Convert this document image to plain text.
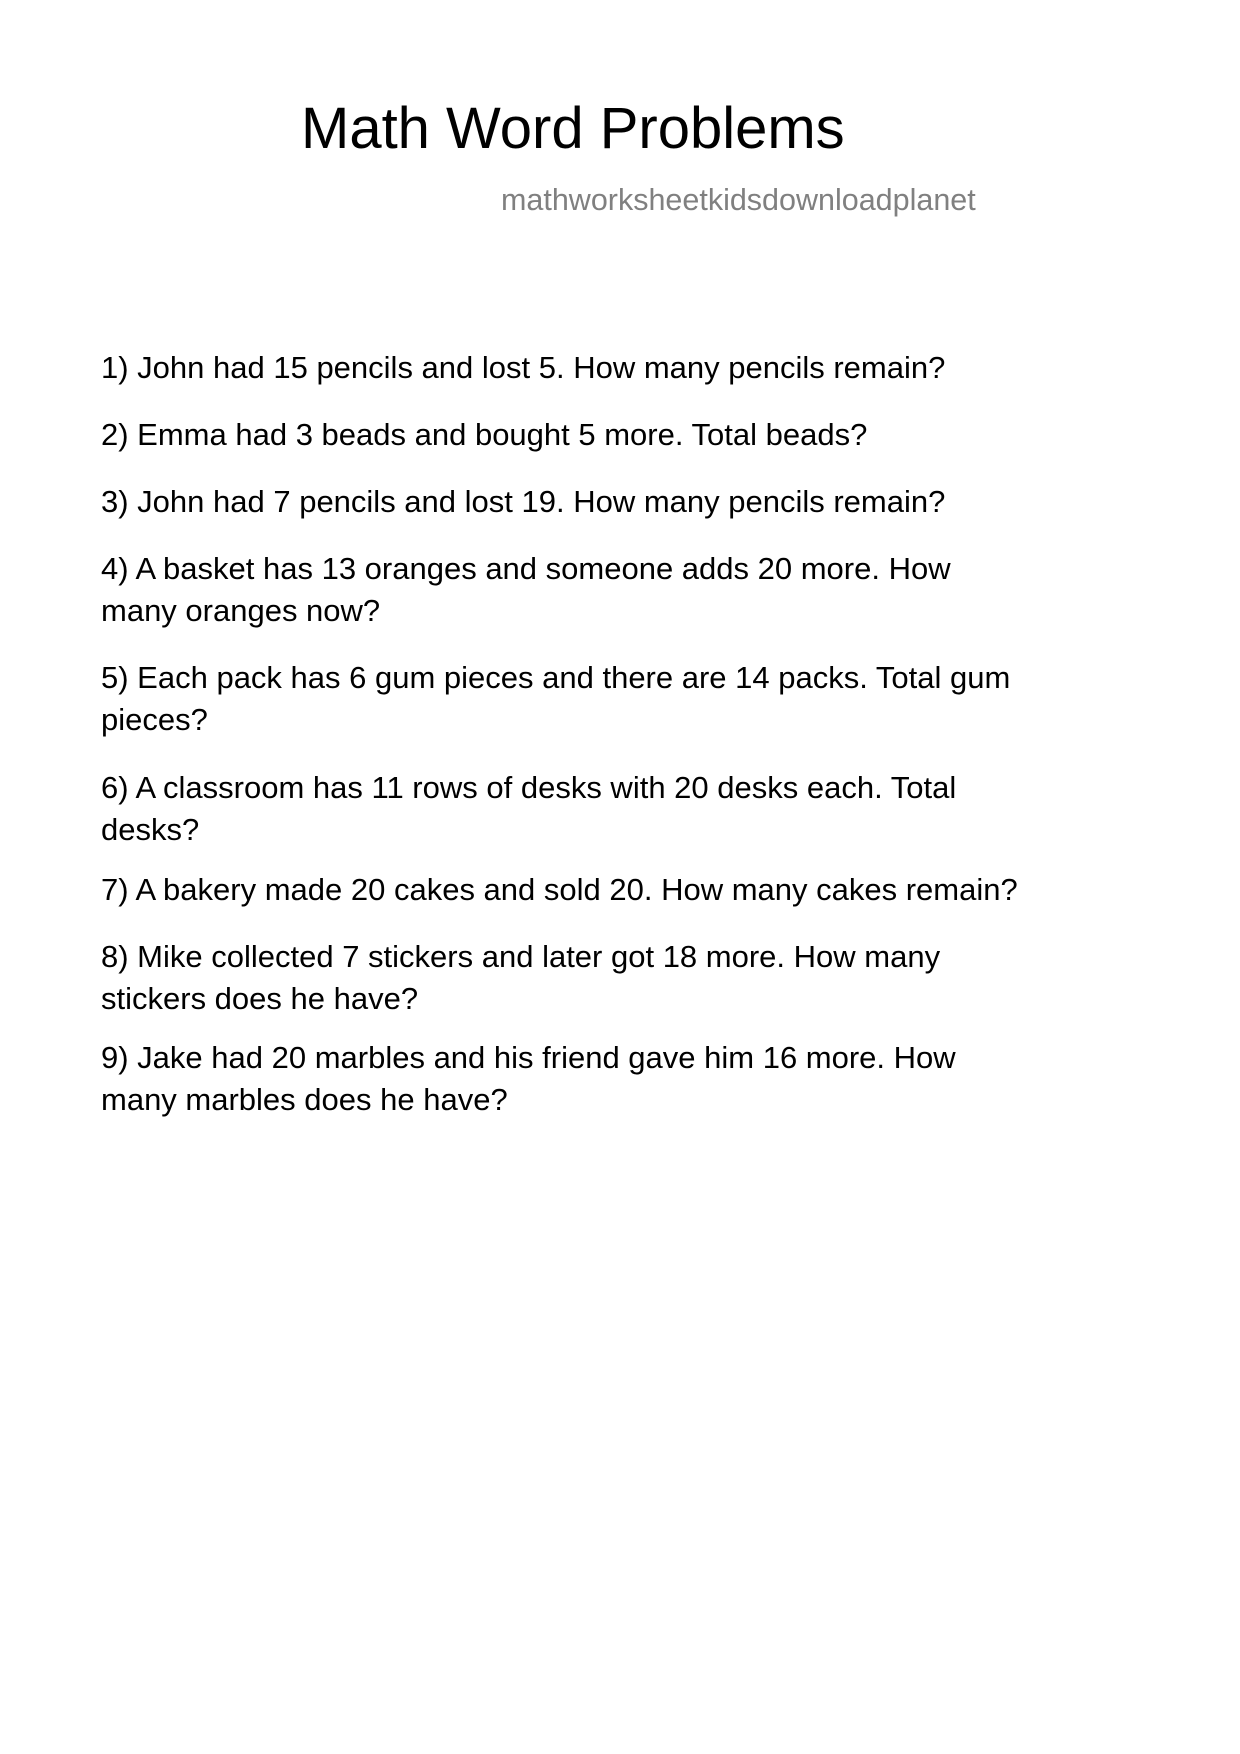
Math Word Problems
mathworksheetkidsdownloadplanet
1) John had 15 pencils and lost 5. How many pencils remain?
2) Emma had 3 beads and bought 5 more. Total beads?
3) John had 7 pencils and lost 19. How many pencils remain?
4) A basket has 13 oranges and someone adds 20 more. How
many oranges now?
5) Each pack has 6 gum pieces and there are 14 packs. Total gum
pieces?
6) A classroom has 11 rows of desks with 20 desks each. Total
desks?
7) A bakery made 20 cakes and sold 20. How many cakes remain?
8) Mike collected 7 stickers and later got 18 more. How many
stickers does he have?
9) Jake had 20 marbles and his friend gave him 16 more. How
many marbles does he have?
